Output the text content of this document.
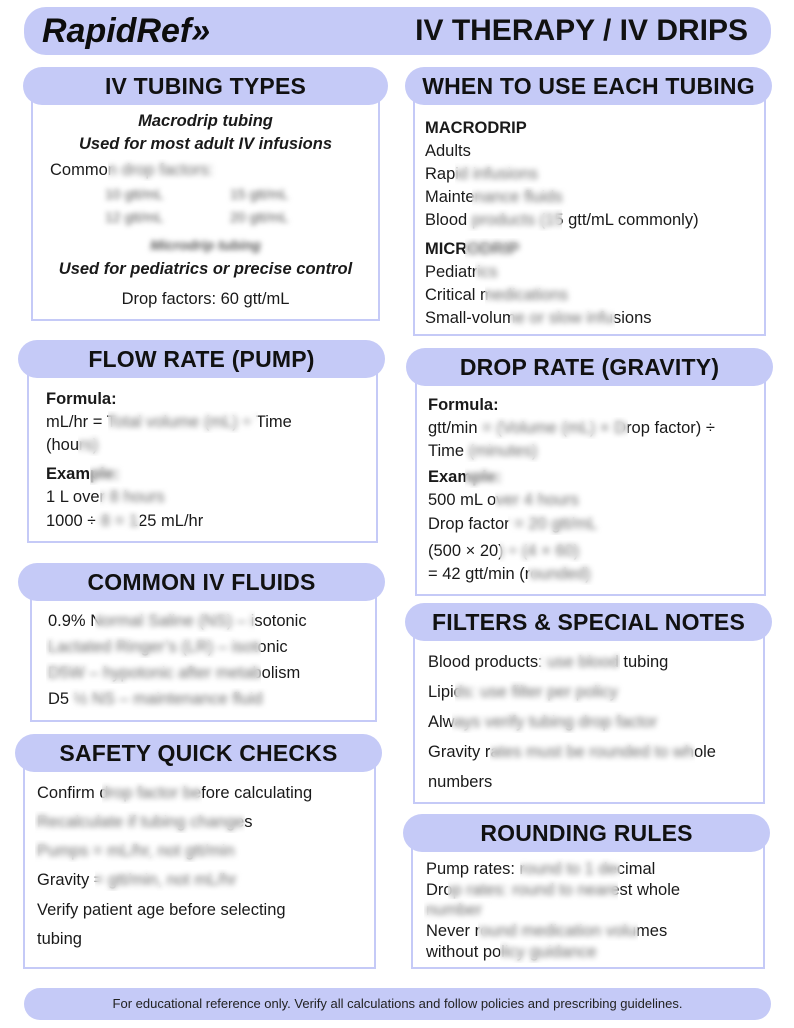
RapidRef»	IV THERAPY / IV DRIPS
IV TUBING TYPES
Macrodrip tubing
Used for most adult IV infusions
Common drop factors:
10 gtt/mL	15 gtt/mL
12 gtt/mL	20 gtt/mL
Microdrip tubing
Used for pediatrics or precise control
Drop factors: 60 gtt/mL
WHEN TO USE EACH TUBING
MACRODRIP
Adults
Rapid infusions
Maintenance fluids
Blood products (15 gtt/mL commonly)
MICRODRIP
Pediatrics
Critical medications
Small-volume or slow infusions
FLOW RATE (PUMP)
Formula:
mL/hr = Total volume (mL) ÷ Time
(hours)
Example:
1 L over 8 hours
1000 ÷ 8 = 125 mL/hr
DROP RATE (GRAVITY)
Formula:
gtt/min = (Volume (mL) × Drop factor) ÷
Time (minutes)
Example:
500 mL over 4 hours
Drop factor = 20 gtt/mL
(500 × 20) ÷ (4 × 60)
= 42 gtt/min (rounded)
COMMON IV FLUIDS
0.9% Normal Saline (NS) – isotonic
Lactated Ringer’s (LR) – isotonic
D5W – hypotonic after metabolism
D5 ½ NS – maintenance fluid
FILTERS & SPECIAL NOTES
Blood products: use blood tubing
Lipids: use filter per policy
Always verify tubing drop factor
Gravity rates must be rounded to whole
numbers
SAFETY QUICK CHECKS
Confirm drop factor before calculating
Recalculate if tubing changes
Pumps = mL/hr, not gtt/min
Gravity = gtt/min, not mL/hr
Verify patient age before selecting
tubing
ROUNDING RULES
Pump rates: round to 1 decimal
Drop rates: round to nearest whole
number
Never round medication volumes
without policy guidance
For educational reference only. Verify all calculations and follow policies and prescribing guidelines.
